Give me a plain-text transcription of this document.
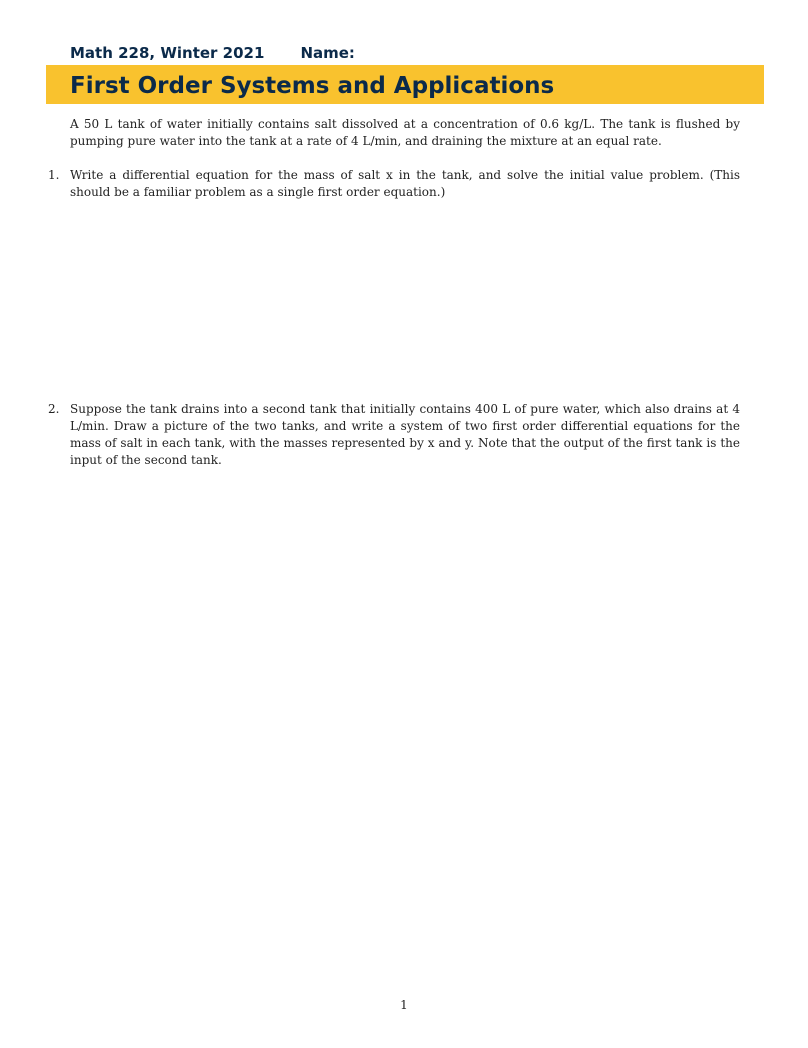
Math 228, Winter 2021 Name:
First Order Systems and Applications
A 50 L tank of water initially contains salt dissolved at a concentration of 0.6 kg/L. The tank is flushed by pumping pure water into the tank at a rate of 4 L/min, and draining the mixture at an equal rate.
1. Write a differential equation for the mass of salt x in the tank, and solve the initial value problem. (This should be a familiar problem as a single first order equation.)
2. Suppose the tank drains into a second tank that initially contains 400 L of pure water, which also drains at 4 L/min. Draw a picture of the two tanks, and write a system of two first order differential equations for the mass of salt in each tank, with the masses represented by x and y. Note that the output of the first tank is the input of the second tank.
1
